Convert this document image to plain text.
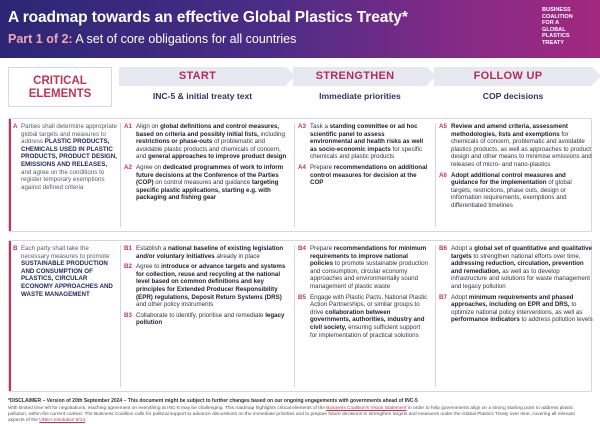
A roadmap towards an effective Global Plastics Treaty*
Part 1 of 2: A set of core obligations for all countries
BUSINESS
COALITION
FOR A
GLOBAL
PLASTICS
TREATY
CRITICAL
ELEMENTS
START
INC-5 & initial treaty text
STRENGTHEN
Immediate priorities
FOLLOW UP
COP decisions
A Parties shall determine appropriate global targets and measures to address PLASTIC PRODUCTS, CHEMICALS USED IN PLASTIC PRODUCTS, PRODUCT DESIGN, EMISSIONS AND RELEASES, and agree on the conditions to register temporary exemptions against defined criteria
A1 Align on global definitions and control measures, based on criteria and possibly initial lists, including restrictions or phase-outs of problematic and avoidable plastic products and chemicals of concern, and general approaches to improve product design
A2 Agree on dedicated programmes of work to inform future decisions at the Conference of the Parties (COP) on control measures and guidance targeting specific plastic applications, starting e.g. with packaging and fishing gear
A3 Task a standing committee or ad hoc scientific panel to assess environmental and health risks as well as socio-economic impacts for specific chemicals and plastic products
A4 Prepare recommendations on additional control measures for decision at the COP
A5 Review and amend criteria, assessment methodologies, lists and exemptions for chemicals of concern, problematic and avoidable plastics products, as well as approaches to product design and other means to minimise emissions and releases of micro- and nano-plastics
A6 Adopt additional control measures and guidance for the implementation of global targets, restrictions, phase outs, design or information requirements, exemptions and differentiated timelines
B Each party shall take the necessary measures to promote SUSTAINABLE PRODUCTION AND CONSUMPTION OF PLASTICS, CIRCULAR ECONOMY APPROACHES AND WASTE MANAGEMENT
B1 Establish a national baseline of existing legislation and/or voluntary initiatives already in place
B2 Agree to introduce or advance targets and systems for collection, reuse and recycling at the national level based on common definitions and key principles for Extended Producer Responsibility (EPR) regulations, Deposit Return Systems (DRS) and other policy instruments
B3 Collaborate to identify, prioritise and remediate legacy pollution
B4 Prepare recommendations for minimum requirements to improve national policies to promote sustainable production and consumption, circular economy approaches and environmentally sound management of plastic waste
B5 Engage with Plastic Pacts, National Plastic Action Partnerships, or similar groups to drive collaboration between governments, authorities, industry and civil society, ensuring sufficient support for implementation of practical solutions
B6 Adopt a global set of quantitative and qualitative targets to strengthen national efforts over time, addressing reduction, circulation, prevention and remediation, as well as to develop infrastructure and solutions for waste management and legacy pollution
B7 Adopt minimum requirements and phased approaches, including on EPR and DRS, to optimize national policy interventions, as well as performance indicators to address pollution levels
*DISCLAIMER – Version of 20th September 2024 – This document might be subject to further changes based on our ongoing engagements with governments ahead of INC-5
With limited time left for negotiations, reaching agreement on everything at INC-5 may be challenging. This roadmap highlights critical elements of the Business Coalition's Vision Statement in order to help governments align on a strong starting point to address plastic pollution, within the current context. The Business Coalition calls for political support to advance discussions on the immediate priorities and to prepare future decisions to strengthen targets and measures under the Global Plastics Treaty over time, covering all relevant aspects of the UNEA resolution 5/14.
